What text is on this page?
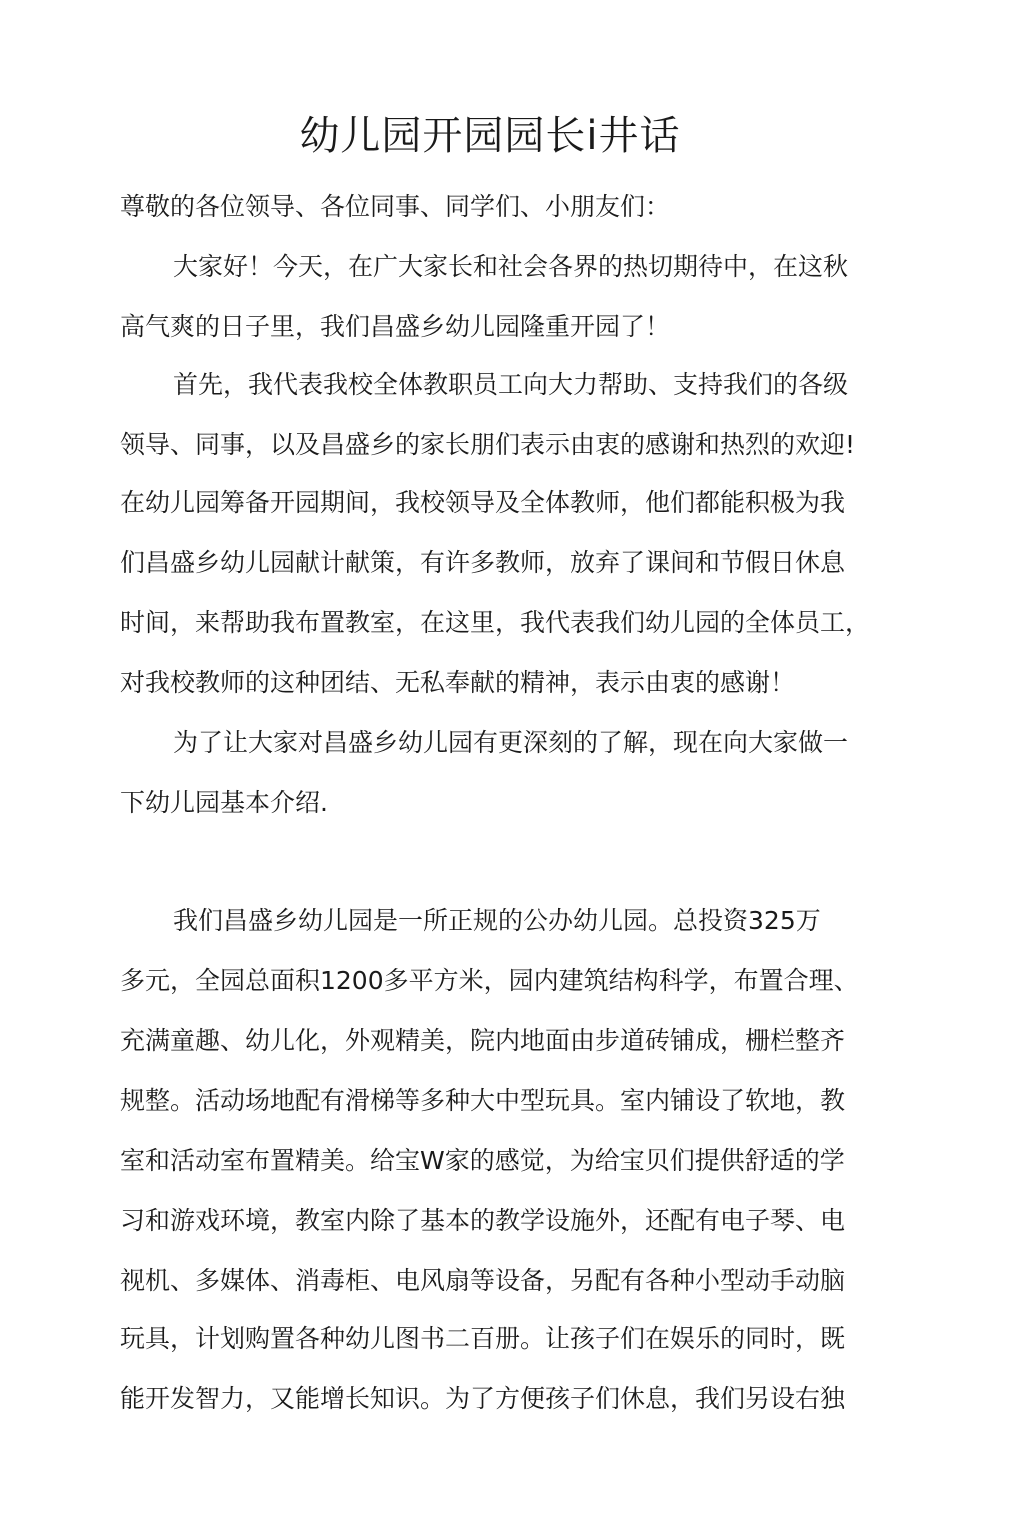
幼儿园开园园长i井话

尊敬的各位领导、各位同事、同学们、小朋友们：

大家好！今天，在广大家长和社会各界的热切期待中，在这秋

高气爽的日子里，我们昌盛乡幼儿园隆重开园了！

首先，我代表我校全体教职员工向大力帮助、支持我们的各级

领导、同事，以及昌盛乡的家长朋们表示由衷的感谢和热烈的欢迎!

在幼儿园筹备开园期间，我校领导及全体教师，他们都能积极为我

们昌盛乡幼儿园献计献策，有许多教师，放弃了课间和节假日休息

时间，来帮助我布置教室，在这里，我代表我们幼儿园的全体员工，

对我校教师的这种团结、无私奉献的精神，表示由衷的感谢！

为了让大家对昌盛乡幼儿园有更深刻的了解，现在向大家做一

下幼儿园基本介绍.

我们昌盛乡幼儿园是一所正规的公办幼儿园。总投资325万

多元，全园总面积1200多平方米，园内建筑结构科学，布置合理、

充满童趣、幼儿化，外观精美，院内地面由步道砖铺成，栅栏整齐

规整。活动场地配有滑梯等多种大中型玩具。室内铺设了软地，教

室和活动室布置精美。给宝W家的感觉，为给宝贝们提供舒适的学

习和游戏环境，教室内除了基本的教学设施外，还配有电子琴、电

视机、多媒体、消毒柜、电风扇等设备，另配有各种小型动手动脑

玩具，计划购置各种幼儿图书二百册。让孩子们在娱乐的同时，既

能开发智力，又能增长知识。为了方便孩子们休息，我们另设右独
